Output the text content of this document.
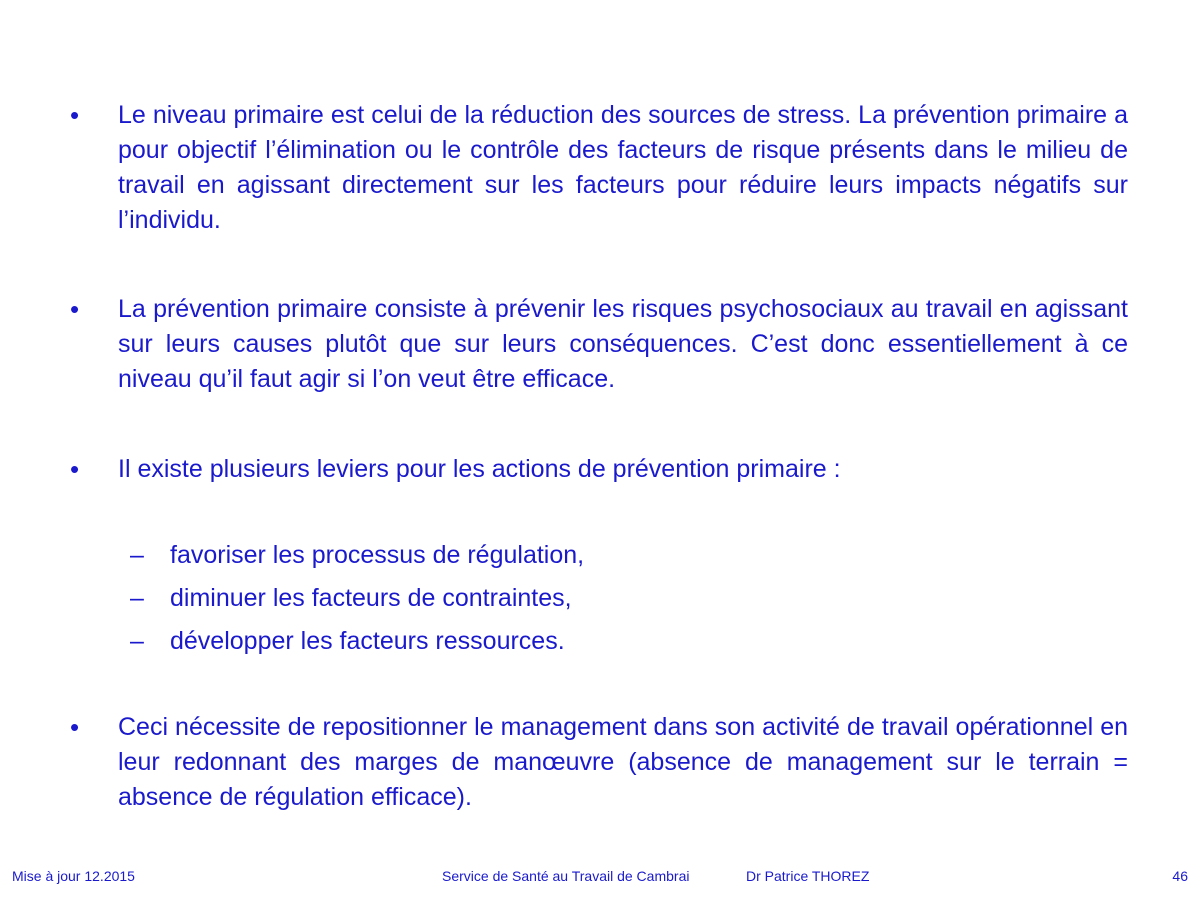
• Le niveau primaire est celui de la réduction des sources de stress. La prévention primaire a pour objectif l’élimination ou le contrôle des facteurs de risque présents dans le milieu de travail en agissant directement sur les facteurs pour réduire leurs impacts négatifs sur l’individu.
• La prévention primaire consiste à prévenir les risques psychosociaux au travail en agissant sur leurs causes plutôt que sur leurs conséquences. C’est donc essentiellement à ce niveau qu’il faut agir si l’on veut être efficace.
• Il existe plusieurs leviers pour les actions de prévention primaire :
– favoriser les processus de régulation,
– diminuer les facteurs de contraintes,
– développer les facteurs ressources.
• Ceci nécessite de repositionner le management dans son activité de travail opérationnel en leur redonnant des marges de manœuvre (absence de management sur le terrain = absence de régulation efficace).
Mise à jour 12.2015	Service de Santé au Travail de Cambrai	Dr Patrice THOREZ	46
